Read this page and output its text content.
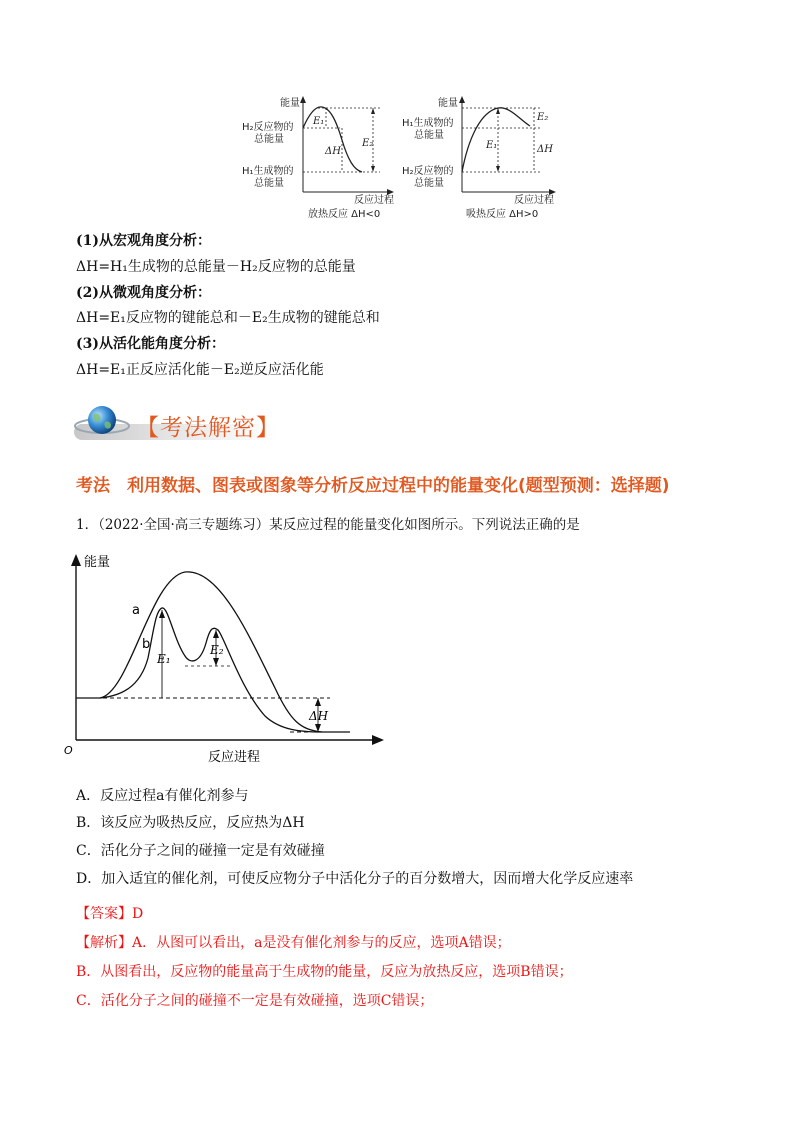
能量
E₁
ΔH
E₂
H₂反应物的
总能量
H₁生成物的
总能量
反应过程
放热反应 ΔH<0
能量
E₁
E₂
ΔH
H₁生成物的
总能量
H₂反应物的
总能量
反应过程
吸热反应 ΔH>0
(1)从宏观角度分析：
ΔH=H₁生成物的总能量－H₂反应物的总能量
(2)从微观角度分析：
ΔH=E₁反应物的键能总和－E₂生成物的键能总和
(3)从活化能角度分析：
ΔH=E₁正反应活化能－E₂逆反应活化能
【考法解密】
考法　利用数据、图表或图象等分析反应过程中的能量变化(题型预测：选择题)
1．（2022·全国·高三专题练习）某反应过程的能量变化如图所示。下列说法正确的是
能量
O	反应进程
a
b
E₁
E₂
ΔH
A．反应过程a有催化剂参与
B．该反应为吸热反应，反应热为ΔH
C．活化分子之间的碰撞一定是有效碰撞
D．加入适宜的催化剂，可使反应物分子中活化分子的百分数增大，因而增大化学反应速率
【答案】D
【解析】A．从图可以看出，a是没有催化剂参与的反应，选项A错误；
B．从图看出，反应物的能量高于生成物的能量，反应为放热反应，选项B错误；
C．活化分子之间的碰撞不一定是有效碰撞，选项C错误；
